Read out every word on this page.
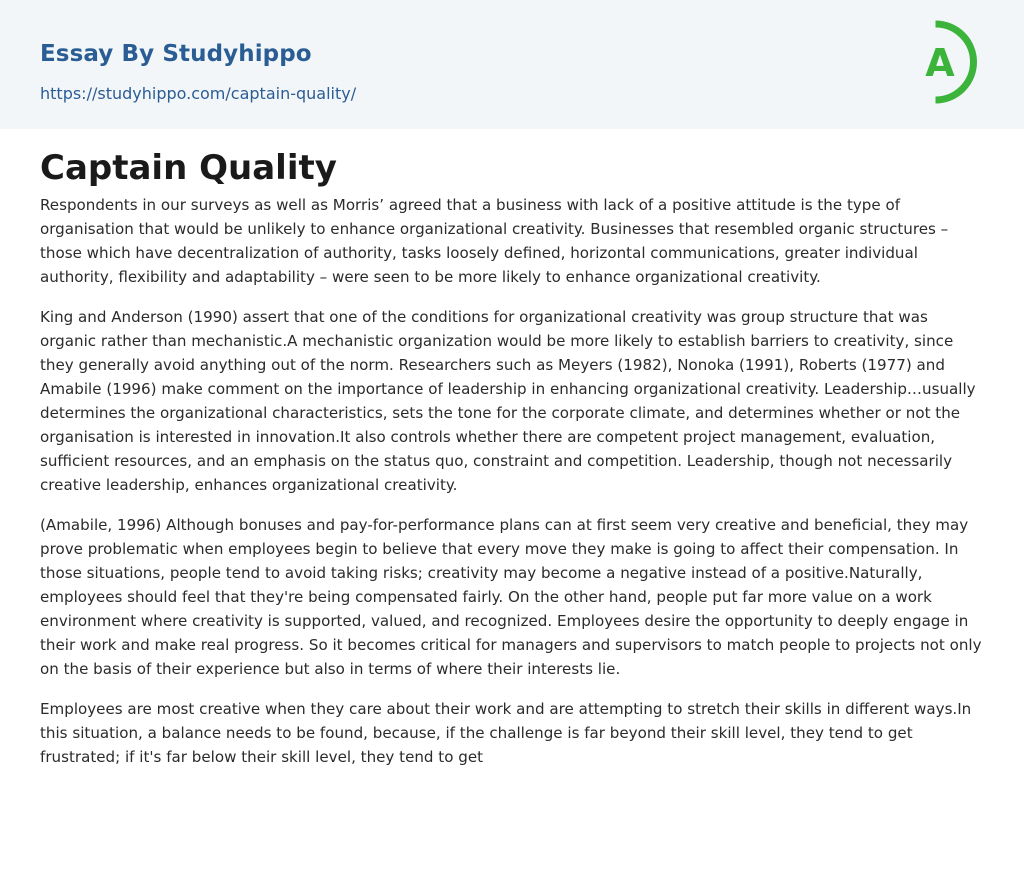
Essay By Studyhippo
https://studyhippo.com/captain-quality/
A
Captain Quality

Respondents in our surveys as well as Morris’ agreed that a business with lack of a positive attitude is the type of organisation that would be unlikely to enhance organizational creativity. Businesses that resembled organic structures – those which have decentralization of authority, tasks loosely defined, horizontal communications, greater individual authority, flexibility and adaptability – were seen to be more likely to enhance organizational creativity.

King and Anderson (1990) assert that one of the conditions for organizational creativity was group structure that was organic rather than mechanistic.A mechanistic organization would be more likely to establish barriers to creativity, since they generally avoid anything out of the norm. Researchers such as Meyers (1982), Nonoka (1991), Roberts (1977) and Amabile (1996) make comment on the importance of leadership in enhancing organizational creativity. Leadership…usually determines the organizational characteristics, sets the tone for the corporate climate, and determines whether or not the organisation is interested in innovation.It also controls whether there are competent project management, evaluation, sufficient resources, and an emphasis on the status quo, constraint and competition. Leadership, though not necessarily creative leadership, enhances organizational creativity.

(Amabile, 1996) Although bonuses and pay-for-performance plans can at first seem very creative and beneficial, they may prove problematic when employees begin to believe that every move they make is going to affect their compensation. In those situations, people tend to avoid taking risks; creativity may become a negative instead of a positive.Naturally, employees should feel that they're being compensated fairly. On the other hand, people put far more value on a work environment where creativity is supported, valued, and recognized. Employees desire the opportunity to deeply engage in their work and make real progress. So it becomes critical for managers and supervisors to match people to projects not only on the basis of their experience but also in terms of where their interests lie.

Employees are most creative when they care about their work and are attempting to stretch their skills in different ways.In this situation, a balance needs to be found, because, if the challenge is far beyond their skill level, they tend to get frustrated; if it's far below their skill level, they tend to get
